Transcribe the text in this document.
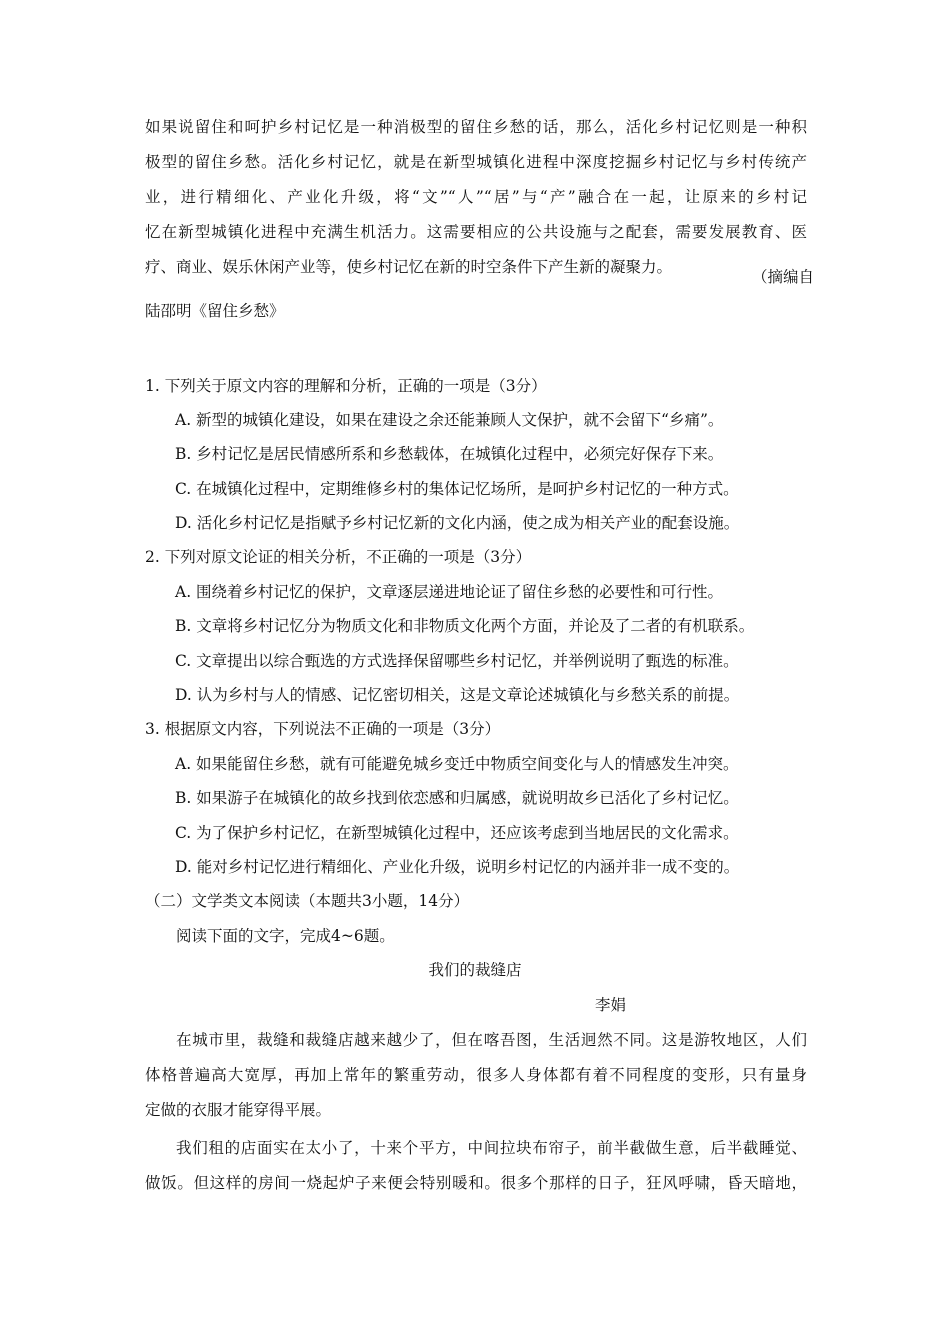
如果说留住和呵护乡村记忆是一种消极型的留住乡愁的话，那么，活化乡村记忆则是一种积
极型的留住乡愁。活化乡村记忆，就是在新型城镇化进程中深度挖掘乡村记忆与乡村传统产
业，进行精细化、产业化升级，将“文”“人”“居”与“产”融合在一起，让原来的乡村记
忆在新型城镇化进程中充满生机活力。这需要相应的公共设施与之配套，需要发展教育、医
疗、商业、娱乐休闲产业等，使乡村记忆在新的时空条件下产生新的凝聚力。
（摘编自
陆邵明《留住乡愁》
1. 下列关于原文内容的理解和分析，正确的一项是（3分）
A. 新型的城镇化建设，如果在建设之余还能兼顾人文保护，就不会留下“乡痛”。
B. 乡村记忆是居民情感所系和乡愁载体，在城镇化过程中，必须完好保存下来。
C. 在城镇化过程中，定期维修乡村的集体记忆场所，是呵护乡村记忆的一种方式。
D. 活化乡村记忆是指赋予乡村记忆新的文化内涵，使之成为相关产业的配套设施。
2. 下列对原文论证的相关分析，不正确的一项是（3分）
A. 围绕着乡村记忆的保护，文章逐层递进地论证了留住乡愁的必要性和可行性。
B. 文章将乡村记忆分为物质文化和非物质文化两个方面，并论及了二者的有机联系。
C. 文章提出以综合甄选的方式选择保留哪些乡村记忆，并举例说明了甄选的标准。
D. 认为乡村与人的情感、记忆密切相关，这是文章论述城镇化与乡愁关系的前提。
3. 根据原文内容，下列说法不正确的一项是（3分）
A. 如果能留住乡愁，就有可能避免城乡变迁中物质空间变化与人的情感发生冲突。
B. 如果游子在城镇化的故乡找到依恋感和归属感，就说明故乡已活化了乡村记忆。
C. 为了保护乡村记忆，在新型城镇化过程中，还应该考虑到当地居民的文化需求。
D. 能对乡村记忆进行精细化、产业化升级，说明乡村记忆的内涵并非一成不变的。
（二）文学类文本阅读（本题共3小题，14分）
阅读下面的文字，完成4~6题。
我们的裁缝店
李娟
在城市里，裁缝和裁缝店越来越少了，但在喀吾图，生活迥然不同。这是游牧地区，人们
体格普遍高大宽厚，再加上常年的繁重劳动，很多人身体都有着不同程度的变形，只有量身
定做的衣服才能穿得平展。
我们租的店面实在太小了，十来个平方，中间拉块布帘子，前半截做生意，后半截睡觉、
做饭。但这样的房间一烧起炉子来便会特别暖和。很多个那样的日子，狂风呼啸，昏天暗地，
